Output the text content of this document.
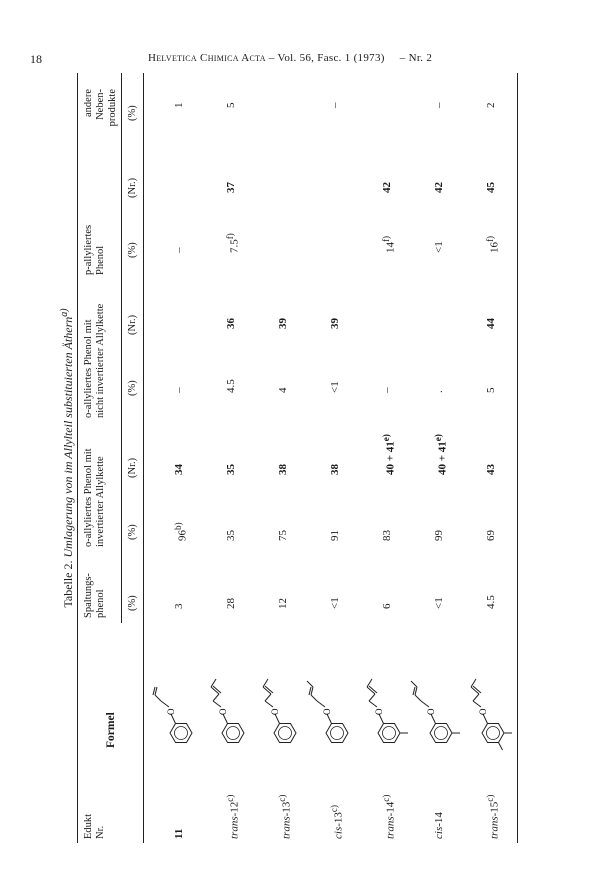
18	Helvetica Chimica Acta – Vol. 56, Fasc. 1 (1973) – Nr. 2
Tabelle 2. Umlagerung von im Allylteil substituierten Äthern$^{a)}$
Edukt Nr.
Formel
Spaltungs- phenol
o-allyliertes Phenol mit invertierter Allylkette
o-allyliertes Phenol mit nicht invertierter Allylkette
p-allyliertes Phenol
andere Neben- produkte
(%)
(%)
(Nr.)
(%)
(Nr.)
(%)
(Nr.)
(%)
11
O
3
96$^{b)}$
34
–
–
1
trans-12$^{c)}$
O
28
35
35
4.5
36
7.5$^{f)}$
37
5
trans-13$^{c)}$
O
12
75
38
4
39
cis-13$^{c)}$
O
<1
91
38
<1
39
–
trans-14$^{c)}$
O
6
83
$40 + 41^{e)}$
–
14$^{f)}$
42
cis-14
O
<1
99
$40 + 41^{e)}$
.
<1
42
–
trans-15$^{c)}$
O
4.5
69
43
5
44
16$^{f)}$
45
2
